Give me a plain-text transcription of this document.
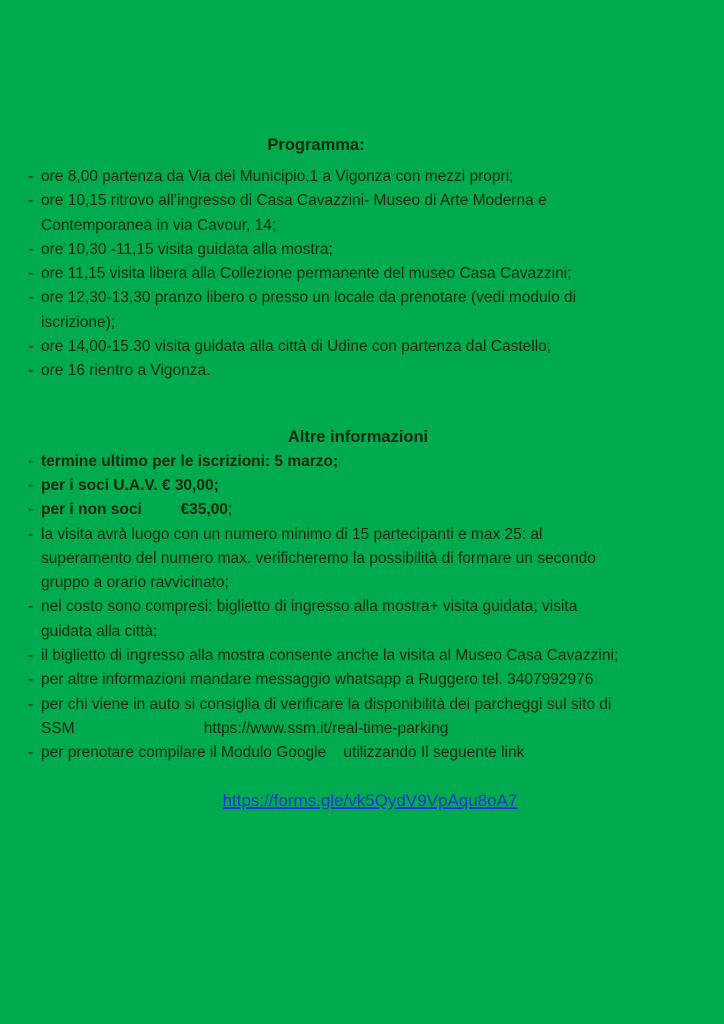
Programma:
- ore 8,00 partenza da Via del Municipio,1 a Vigonza con mezzi propri;
- ore 10,15 ritrovo all’ingresso di Casa Cavazzini- Museo di Arte Moderna e
Contemporanea in via Cavour, 14;
- ore 10,30 -11,15 visita guidata alla mostra;
- ore 11,15 visita libera alla Collezione permanente del museo Casa Cavazzini;
- ore 12,30-13,30 pranzo libero o presso un locale da prenotare (vedi modulo di
iscrizione);
- ore 14,00-15.30 visita guidata alla città di Udine con partenza dal Castello;
- ore 16 rientro a Vigonza.
Altre informazioni
- termine ultimo per le iscrizioni: 5 marzo;
- per i soci U.A.V. € 30,00;
- per i non soci         €35,00;
- la visita avrà luogo con un numero minimo di 15 partecipanti e max 25: al
superamento del numero max. verificheremo la possibilità di formare un secondo
gruppo a orario ravvicinato;
- nel costo sono compresi: biglietto di ingresso alla mostra+ visita guidata; visita
guidata alla città;
- il biglietto di ingresso alla mostra consente anche la visita al Museo Casa Cavazzini;
- per altre informazioni mandare messaggio whatsapp a Ruggero tel. 3407992976
- per chi viene in auto si consiglia di verificare la disponibilità dei parcheggi sul sito di
SSM                              https://www.ssm.it/real-time-parking
- per prenotare compilare il Modulo Google    utilizzando Il seguente link
https://forms.gle/vk5QydV9VpAqu8oA7
